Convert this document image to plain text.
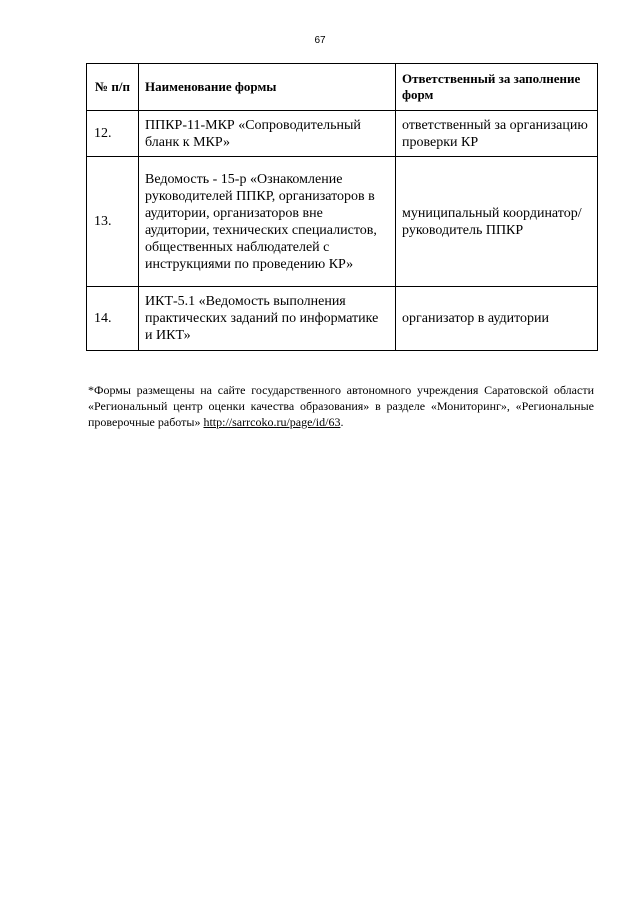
67
№ п/п	Наименование формы	Ответственный за заполнение форм
12.	ППКР-11-МКР «Сопроводительный бланк к МКР»	ответственный за организацию проверки КР
13.	Ведомость - 15-р «Ознакомление руководителей ППКР, организаторов в аудитории, организаторов вне аудитории, технических специалистов, общественных наблюдателей с инструкциями по проведению КР»	муниципальный координатор/ руководитель ППКР
14.	ИКТ-5.1 «Ведомость выполнения практических заданий по информатике и ИКТ»	организатор в аудитории
*Формы размещены на сайте государственного автономного учреждения Саратовской области «Региональный центр оценки качества образования» в разделе «Мониторинг», «Региональные проверочные работы» http://sarrcoko.ru/page/id/63.
